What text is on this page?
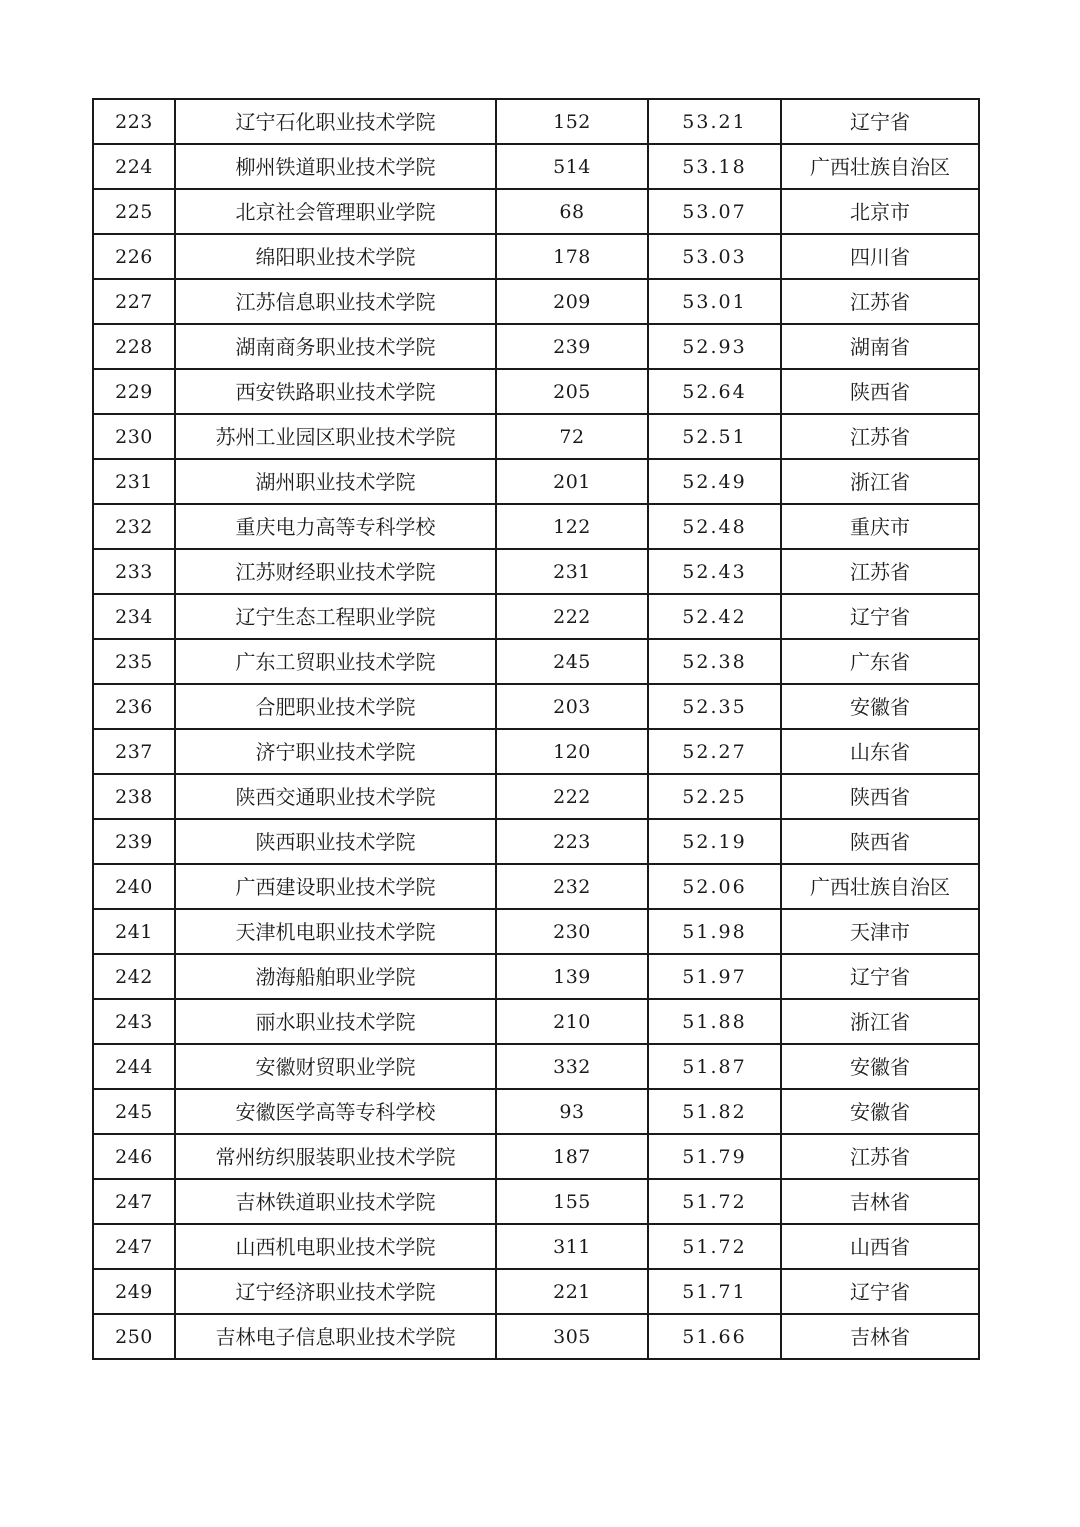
223	辽宁石化职业技术学院	152	53.21	辽宁省
224	柳州铁道职业技术学院	514	53.18	广西壮族自治区
225	北京社会管理职业学院	68	53.07	北京市
226	绵阳职业技术学院	178	53.03	四川省
227	江苏信息职业技术学院	209	53.01	江苏省
228	湖南商务职业技术学院	239	52.93	湖南省
229	西安铁路职业技术学院	205	52.64	陕西省
230	苏州工业园区职业技术学院	72	52.51	江苏省
231	湖州职业技术学院	201	52.49	浙江省
232	重庆电力高等专科学校	122	52.48	重庆市
233	江苏财经职业技术学院	231	52.43	江苏省
234	辽宁生态工程职业学院	222	52.42	辽宁省
235	广东工贸职业技术学院	245	52.38	广东省
236	合肥职业技术学院	203	52.35	安徽省
237	济宁职业技术学院	120	52.27	山东省
238	陕西交通职业技术学院	222	52.25	陕西省
239	陕西职业技术学院	223	52.19	陕西省
240	广西建设职业技术学院	232	52.06	广西壮族自治区
241	天津机电职业技术学院	230	51.98	天津市
242	渤海船舶职业学院	139	51.97	辽宁省
243	丽水职业技术学院	210	51.88	浙江省
244	安徽财贸职业学院	332	51.87	安徽省
245	安徽医学高等专科学校	93	51.82	安徽省
246	常州纺织服装职业技术学院	187	51.79	江苏省
247	吉林铁道职业技术学院	155	51.72	吉林省
247	山西机电职业技术学院	311	51.72	山西省
249	辽宁经济职业技术学院	221	51.71	辽宁省
250	吉林电子信息职业技术学院	305	51.66	吉林省
